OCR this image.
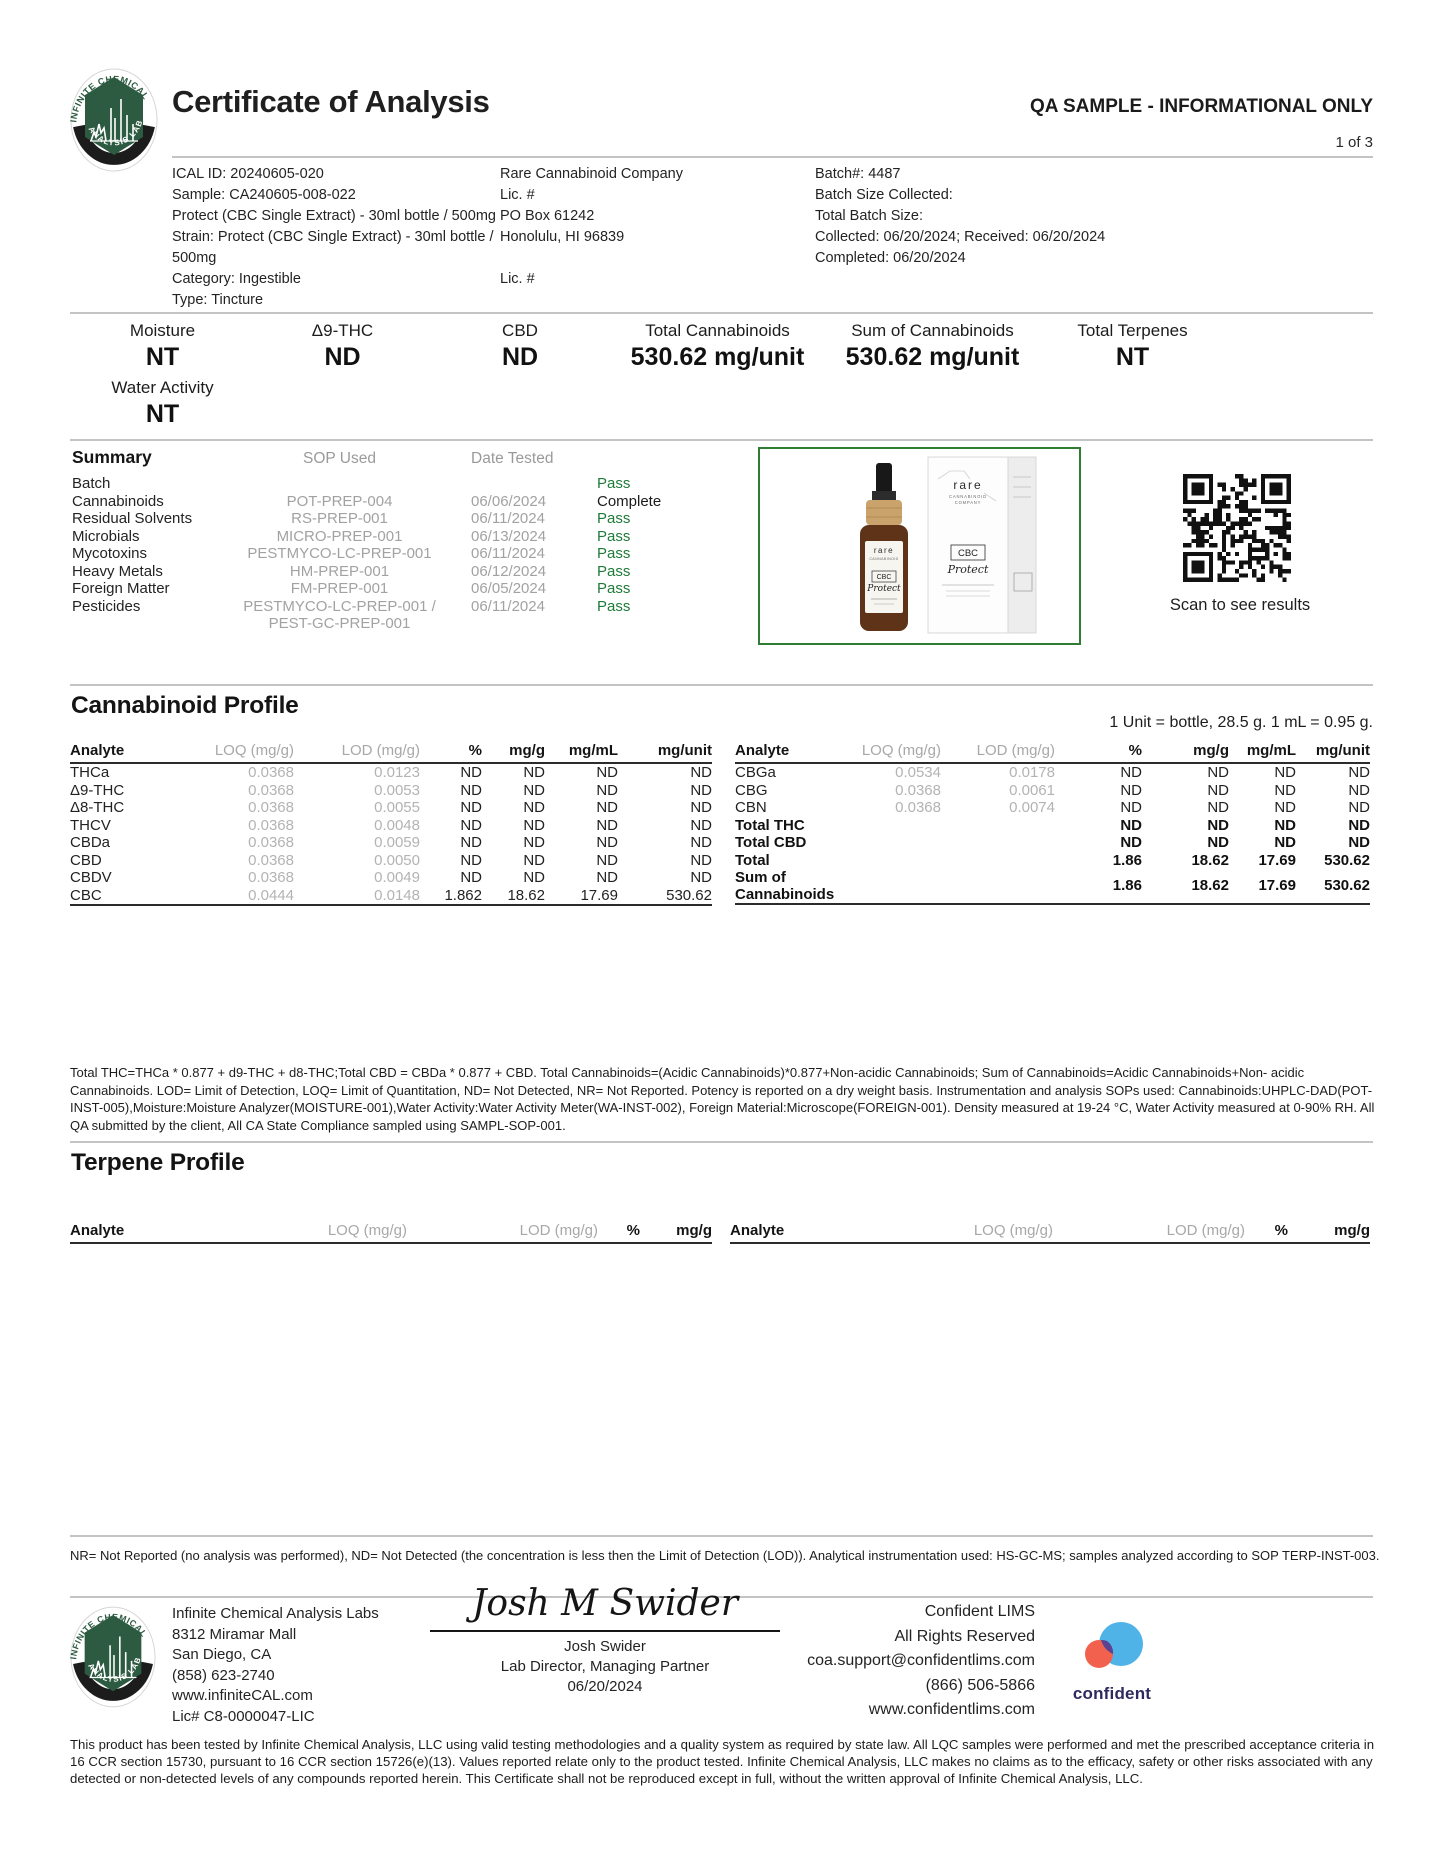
Certificate of Analysis	QA SAMPLE - INFORMATIONAL ONLY
1 of 3
ICAL ID: 20240605-020
Sample: CA240605-008-022
Protect (CBC Single Extract) - 30ml bottle / 500mg
Strain: Protect (CBC Single Extract) - 30ml bottle / 500mg
Category: Ingestible
Type: Tincture
Rare Cannabinoid Company
Lic. #
PO Box 61242
Honolulu, HI 96839

Lic. #
Batch#: 4487
Batch Size Collected:
Total Batch Size:
Collected: 06/20/2024; Received: 06/20/2024
Completed: 06/20/2024
Moisture
NT
Water Activity
NT
Δ9-THC
ND
CBD
ND
Total Cannabinoids
530.62 mg/unit
Sum of Cannabinoids
530.62 mg/unit
Total Terpenes
NT
Summary	SOP Used	Date Tested	
Batch			Pass
Cannabinoids	POT-PREP-004	06/06/2024	Complete
Residual Solvents	RS-PREP-001	06/11/2024	Pass
Microbials	MICRO-PREP-001	06/13/2024	Pass
Mycotoxins	PESTMYCO-LC-PREP-001	06/11/2024	Pass
Heavy Metals	HM-PREP-001	06/12/2024	Pass
Foreign Matter	FM-PREP-001	06/05/2024	Pass
Pesticides	PESTMYCO-LC-PREP-001 / PEST-GC-PREP-001	06/11/2024	Pass
rare
CANNABINOID
CBC
Protect
rare
CANNABINOID
COMPANY
CBC
Protect
Scan to see results
Cannabinoid Profile
1 Unit = bottle, 28.5 g. 1 mL = 0.95 g.
Analyte	LOQ (mg/g)	LOD (mg/g)	%	mg/g	mg/mL	mg/unit
THCa	0.0368	0.0123	ND	ND	ND	ND
Δ9-THC	0.0368	0.0053	ND	ND	ND	ND
Δ8-THC	0.0368	0.0055	ND	ND	ND	ND
THCV	0.0368	0.0048	ND	ND	ND	ND
CBDa	0.0368	0.0059	ND	ND	ND	ND
CBD	0.0368	0.0050	ND	ND	ND	ND
CBDV	0.0368	0.0049	ND	ND	ND	ND
CBC	0.0444	0.0148	1.862	18.62	17.69	530.62
Analyte	LOQ (mg/g)	LOD (mg/g)	%	mg/g	mg/mL	mg/unit
CBGa	0.0534	0.0178	ND	ND	ND	ND
CBG	0.0368	0.0061	ND	ND	ND	ND
CBN	0.0368	0.0074	ND	ND	ND	ND
Total THC			ND	ND	ND	ND
Total CBD			ND	ND	ND	ND
Total			1.86	18.62	17.69	530.62
Sum of Cannabinoids			1.86	18.62	17.69	530.62
Total THC=THCa * 0.877 + d9-THC + d8-THC;Total CBD = CBDa * 0.877 + CBD. Total Cannabinoids=(Acidic Cannabinoids)*0.877+Non-acidic Cannabinoids; Sum of Cannabinoids=Acidic Cannabinoids+Non- acidic Cannabinoids. LOD= Limit of Detection, LOQ= Limit of Quantitation, ND= Not Detected, NR= Not Reported. Potency is reported on a dry weight basis. Instrumentation and analysis SOPs used: Cannabinoids:UHPLC-DAD(POT-INST-005),Moisture:Moisture Analyzer(MOISTURE-001),Water Activity:Water Activity Meter(WA-INST-002), Foreign Material:Microscope(FOREIGN-001). Density measured at 19-24 °C, Water Activity measured at 0-90% RH. All QA submitted by the client, All CA State Compliance sampled using SAMPL-SOP-001.
Terpene Profile
Analyte	LOQ (mg/g)	LOD (mg/g)	%	mg/g Analyte	LOQ (mg/g)	LOD (mg/g)	%	mg/g
NR= Not Reported (no analysis was performed), ND= Not Detected (the concentration is less then the Limit of Detection (LOD)). Analytical instrumentation used: HS-GC-MS; samples analyzed according to SOP TERP-INST-003.
Infinite Chemical Analysis Labs
8312 Miramar Mall
San Diego, CA
(858) 623-2740
www.infiniteCAL.com
Lic# C8-0000047-LIC
Josh M Swider
Josh Swider
Lab Director, Managing Partner
06/20/2024
Confident LIMS
All Rights Reserved
coa.support@confidentlims.com
(866) 506-5866
www.confidentlims.com
confident
This product has been tested by Infinite Chemical Analysis, LLC using valid testing methodologies and a quality system as required by state law. All LQC samples were performed and met the prescribed acceptance criteria in 16 CCR section 15730, pursuant to 16 CCR section 15726(e)(13). Values reported relate only to the product tested. Infinite Chemical Analysis, LLC makes no claims as to the efficacy, safety or other risks associated with any detected or non-detected levels of any compounds reported herein. This Certificate shall not be reproduced except in full, without the written approval of Infinite Chemical Analysis, LLC.
